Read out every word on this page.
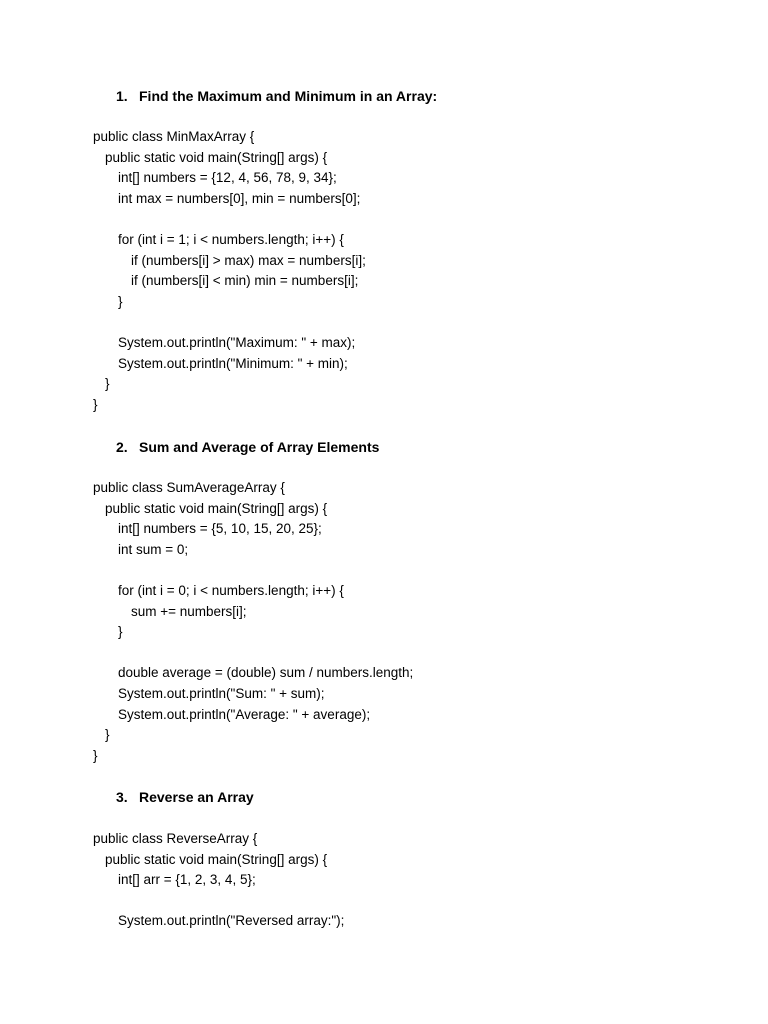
1. Find the Maximum and Minimum in an Array:
public class MinMaxArray {
public static void main(String[] args) {
int[] numbers = {12, 4, 56, 78, 9, 34};
int max = numbers[0], min = numbers[0];
for (int i = 1; i < numbers.length; i++) {
if (numbers[i] > max) max = numbers[i];
if (numbers[i] < min) min = numbers[i];
}
System.out.println("Maximum: " + max);
System.out.println("Minimum: " + min);
}
}
2. Sum and Average of Array Elements
public class SumAverageArray {
public static void main(String[] args) {
int[] numbers = {5, 10, 15, 20, 25};
int sum = 0;
for (int i = 0; i < numbers.length; i++) {
sum += numbers[i];
}
double average = (double) sum / numbers.length;
System.out.println("Sum: " + sum);
System.out.println("Average: " + average);
}
}
3. Reverse an Array
public class ReverseArray {
public static void main(String[] args) {
int[] arr = {1, 2, 3, 4, 5};
System.out.println("Reversed array:");
